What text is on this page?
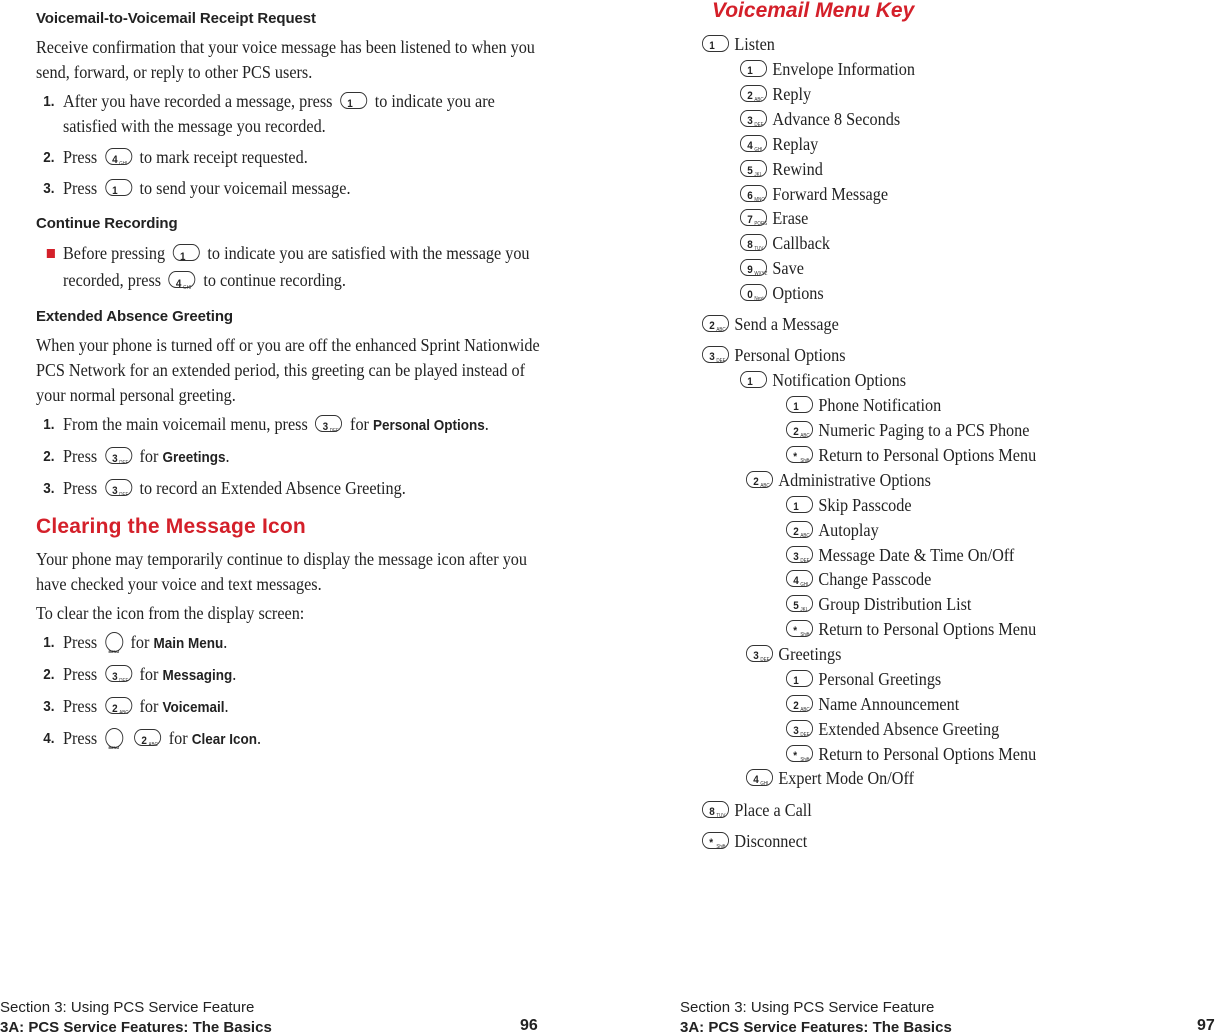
Voicemail-to-Voicemail Receipt Request

Receive confirmation that your voice message has been listened to when you send, forward, or reply to other PCS users.

1. After you have recorded a message, press 1 to indicate you are satisfied with the message you recorded.
2. Press 4 GHI to mark receipt requested.
3. Press 1 to send your voicemail message.
Continue Recording
Before pressing 1 to indicate you are satisfied with the message you recorded, press 4 GHI to continue recording.
Extended Absence Greeting

When your phone is turned off or you are off the enhanced Sprint Nationwide PCS Network for an extended period, this greeting can be played instead of your normal personal greeting.

1. From the main voicemail menu, press 3 DEF for Personal Options.
2. Press 3 DEF for Greetings.
3. Press 3 DEF to record an Extended Absence Greeting.
Clearing the Message Icon

Your phone may temporarily continue to display the message icon after you have checked your voice and text messages.

To clear the icon from the display screen:

1. Press	MENU for Main Menu.
2. Press 3 DEF for Messaging.
3. Press 2 ABC for Voicemail.
4. Press	MENU

2 ABC for Clear Icon.
Section 3: Using PCS Service Feature
3A: PCS Service Features: The Basics	96
Voicemail Menu Key
1 Listen
1 Envelope Information
2 ABC Reply
3 DEF Advance 8 Seconds
4 GHI Replay
5 JKL Rewind
6 MNO Forward Message
7 PQRS Erase
8 TUV Callback
9 WXYZ Save
0 Next Options
2 ABC Send a Message
3 DEF Personal Options
1 Notification Options
1 Phone Notification
2 ABC Numeric Paging to a PCS Phone
* Shift Return to Personal Options Menu
2 ABC Administrative Options
1 Skip Passcode
2 ABC Autoplay
3 DEF Message Date & Time On/Off
4 GHI Change Passcode
5 JKL Group Distribution List
* Shift Return to Personal Options Menu
3 DEF Greetings
1 Personal Greetings
2 ABC Name Announcement
3 DEF Extended Absence Greeting
* Shift Return to Personal Options Menu
4 GHI Expert Mode On/Off
8 TUV Place a Call
* Shift Disconnect
Section 3: Using PCS Service Feature
3A: PCS Service Features: The Basics	97
